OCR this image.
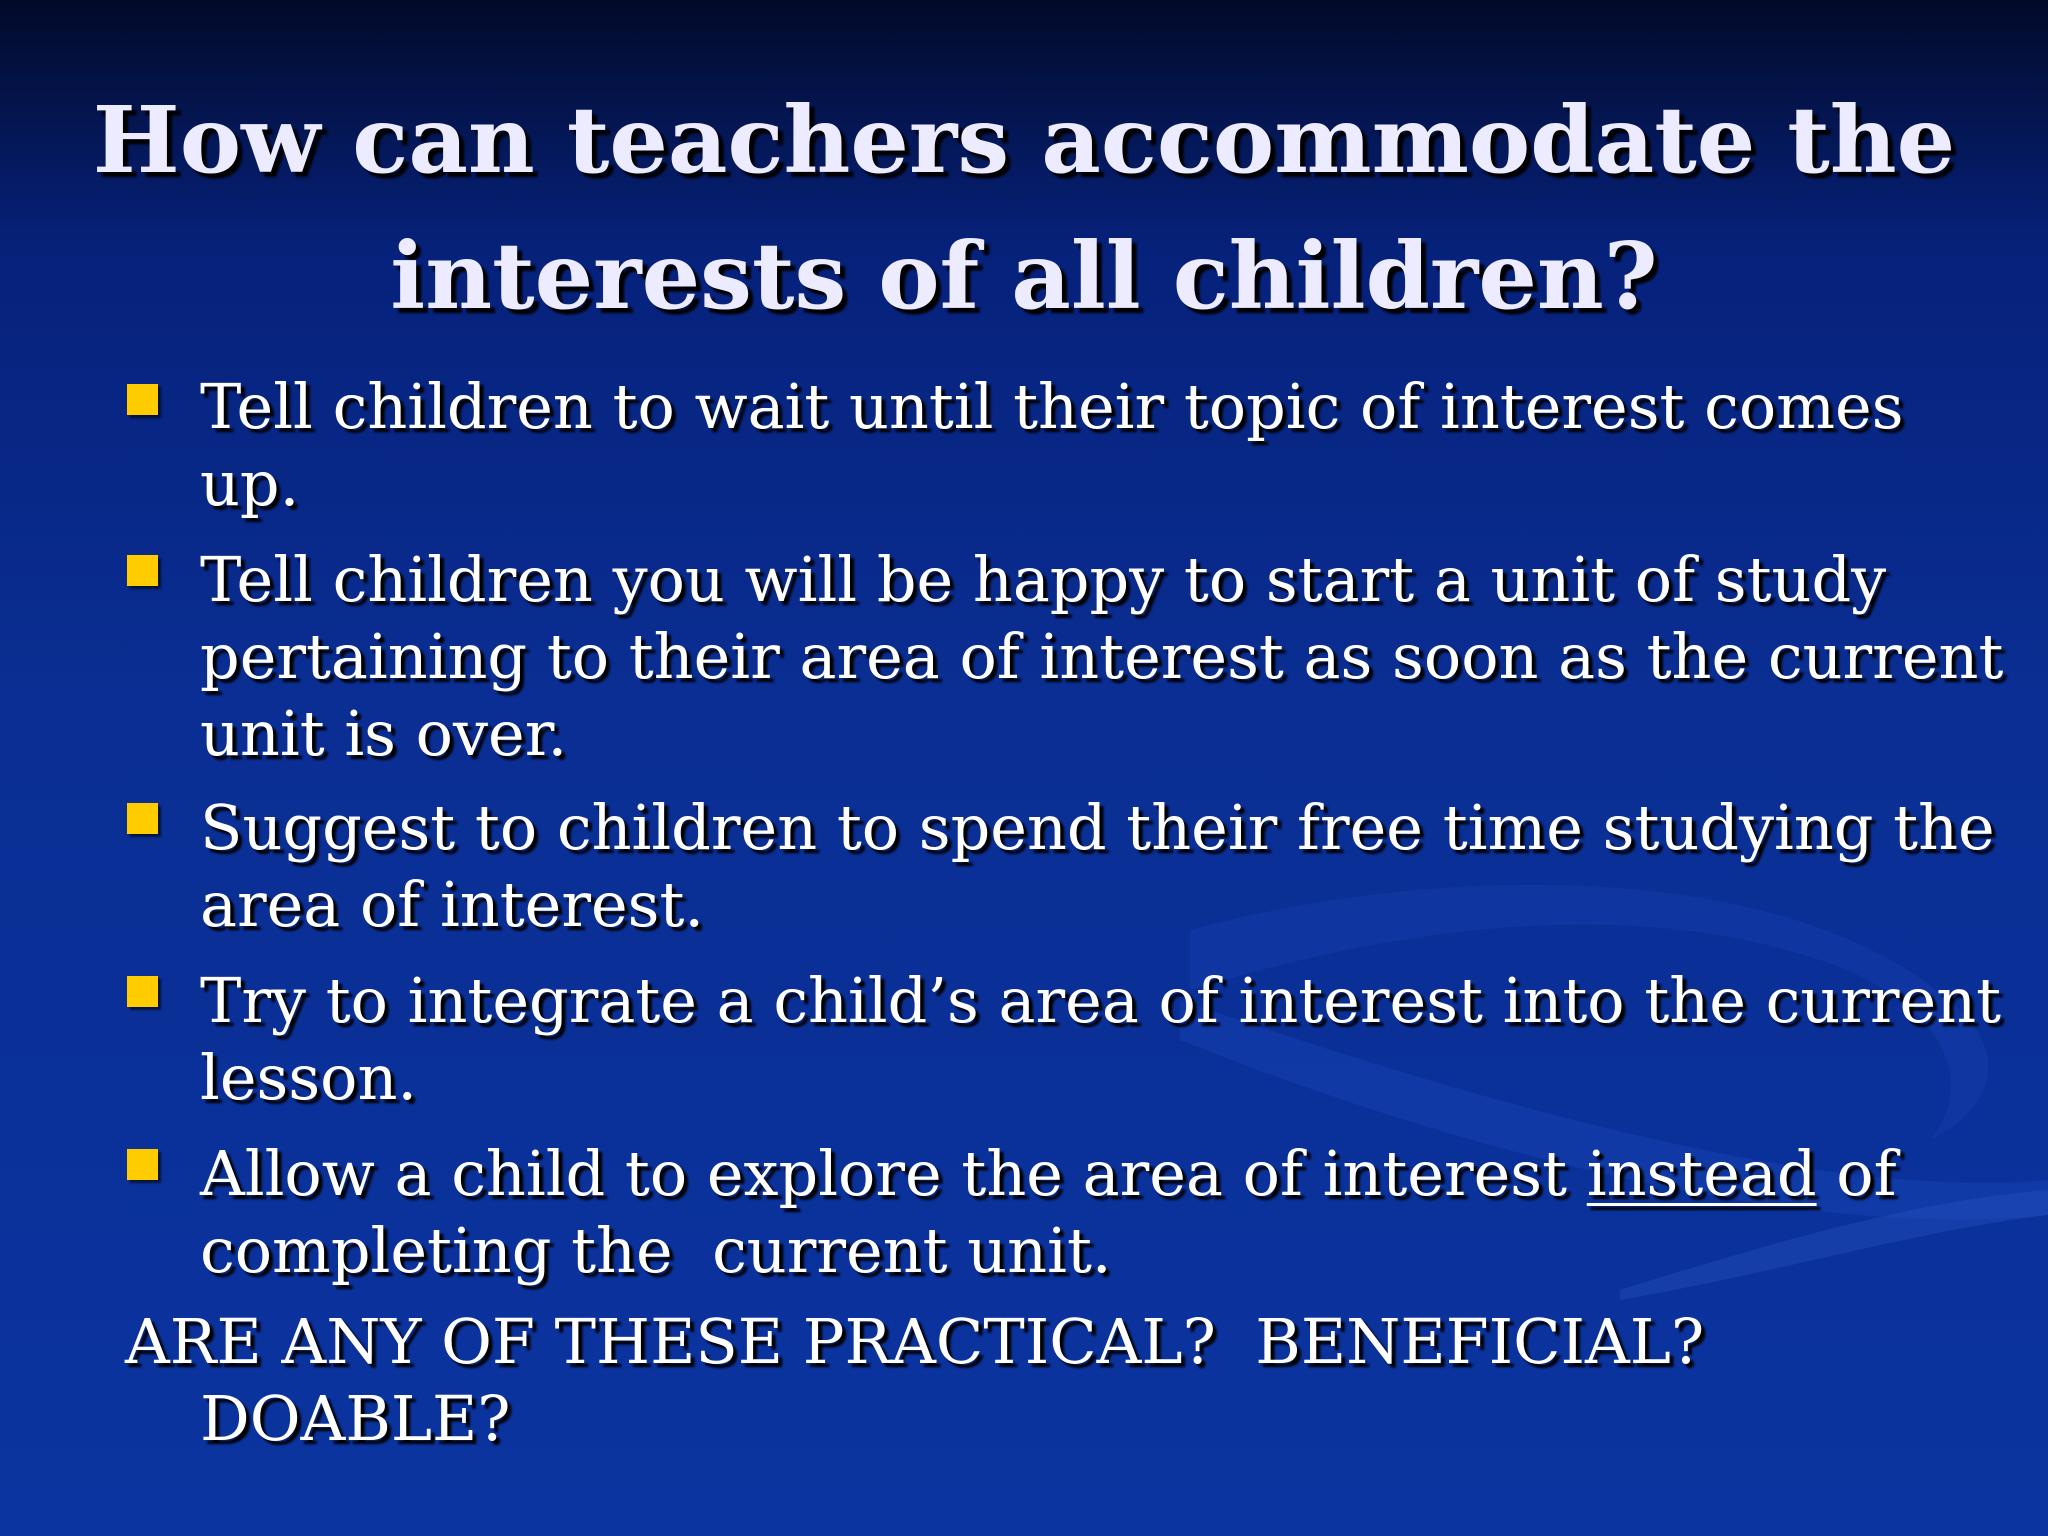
How can teachers accommodate the
interests of all children?
Tell children to wait until their topic of interest comes
up.
Tell children you will be happy to start a unit of study
pertaining to their area of interest as soon as the current
unit is over.
Suggest to children to spend their free time studying the
area of interest.
Try to integrate a child’s area of interest into the current
lesson.
Allow a child to explore the area of interest instead of
completing the  current unit.
ARE ANY OF THESE PRACTICAL?  BENEFICIAL?
DOABLE?
